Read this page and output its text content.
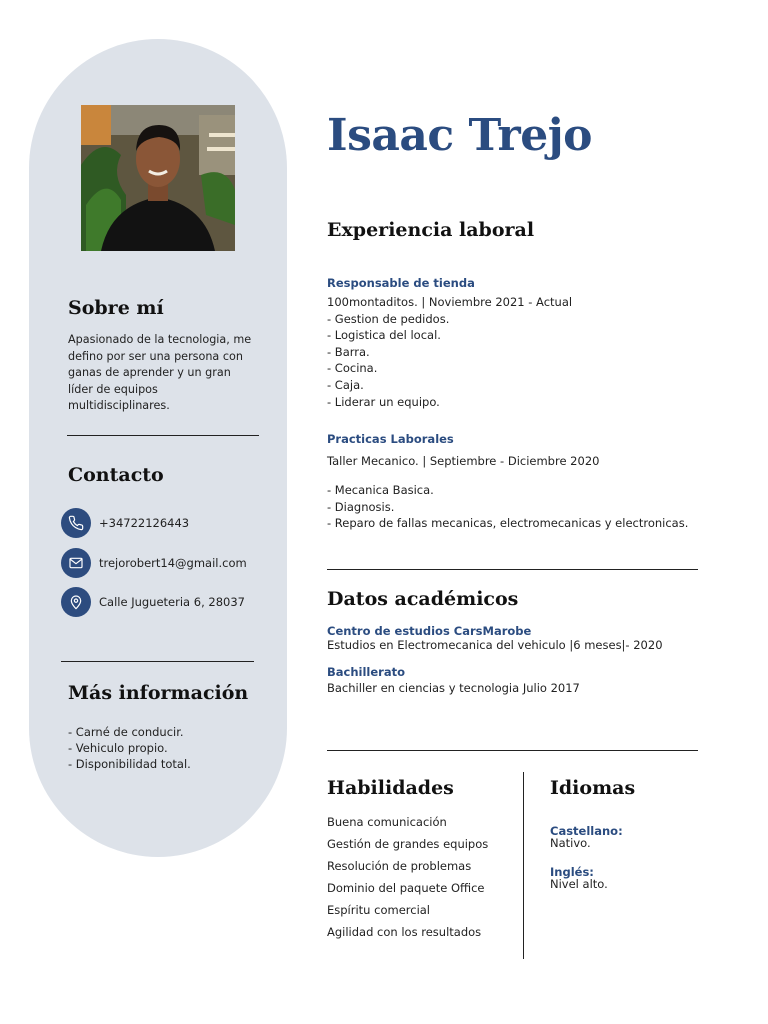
Sobre mí
Apasionado de la tecnologia, me
defino por ser una persona con
ganas de aprender y un gran
líder de equipos
multidisciplinares.
Contacto
+34722126443
trejorobert14@gmail.com
Calle Jugueteria 6, 28037
Más información
- Carné de conducir.
- Vehiculo propio.
- Disponibilidad total.
Isaac Trejo
Experiencia laboral
Responsable de tienda
100montaditos. | Noviembre 2021 - Actual
- Gestion de pedidos.
- Logistica del local.
- Barra.
- Cocina.
- Caja.
- Liderar un equipo.
Practicas Laborales
Taller Mecanico. | Septiembre - Diciembre 2020
- Mecanica Basica.
- Diagnosis.
- Reparo de fallas mecanicas, electromecanicas y electronicas.
Datos académicos
Centro de estudios CarsMarobe
Estudios en Electromecanica del vehiculo |6 meses|- 2020
Bachillerato
Bachiller en ciencias y tecnologia Julio 2017
Habilidades
Buena comunicación
Gestión de grandes equipos
Resolución de problemas
Dominio del paquete Office
Espíritu comercial
Agilidad con los resultados
Idiomas
Castellano:
Nativo.
Inglés:
Nivel alto.
